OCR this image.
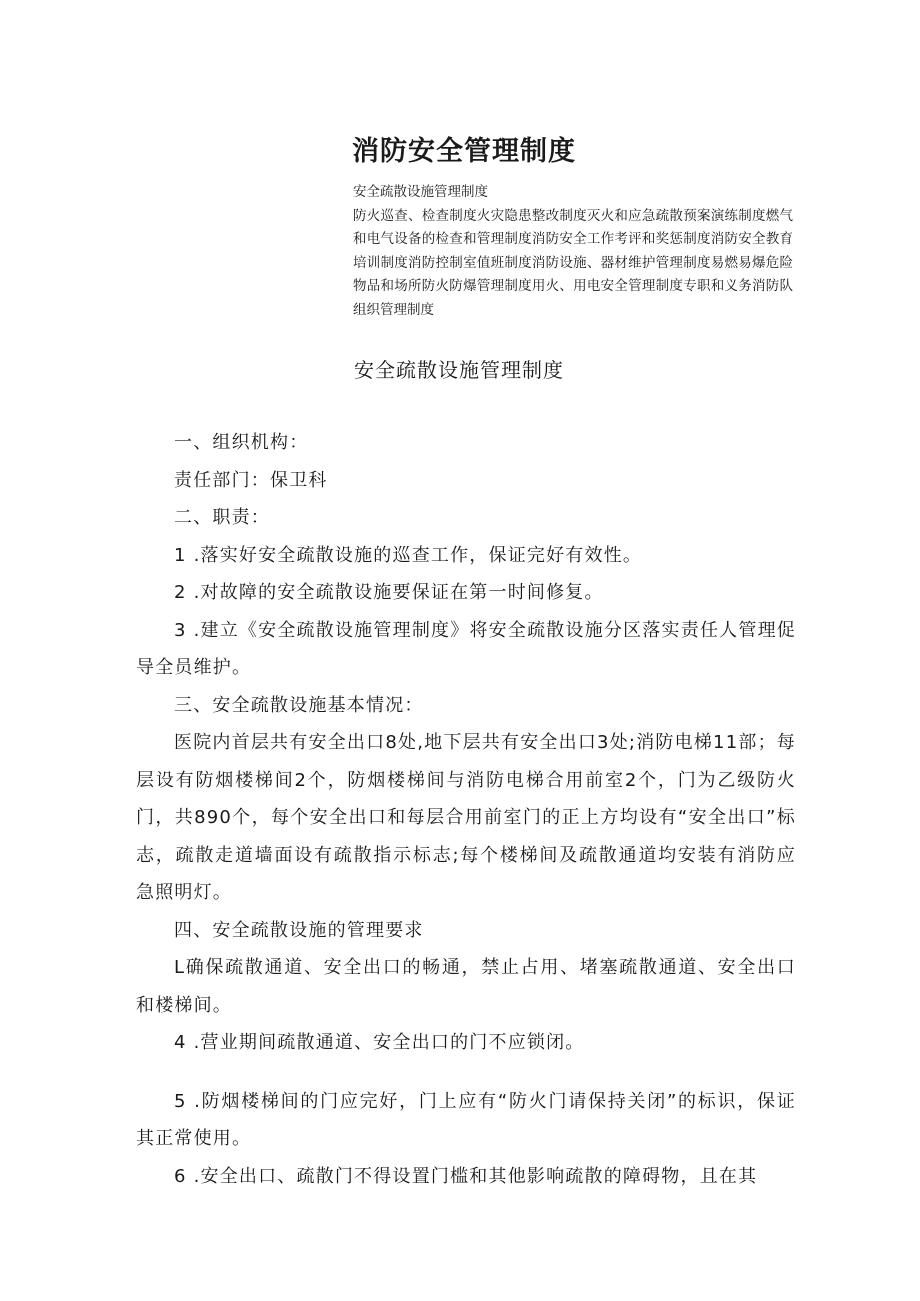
消防安全管理制度
安全疏散设施管理制度
防火巡查、检查制度火灾隐患整改制度灭火和应急疏散预案演练制度燃气和电气设备的检查和管理制度消防安全工作考评和奖惩制度消防安全教育培训制度消防控制室值班制度消防设施、器材维护管理制度易燃易爆危险物品和场所防火防爆管理制度用火、用电安全管理制度专职和义务消防队组织管理制度
安全疏散设施管理制度

一、组织机构：

责任部门：保卫科

二、职责：

1 .落实好安全疏散设施的巡查工作，保证完好有效性。

2 .对故障的安全疏散设施要保证在第一时间修复。

3 .建立《安全疏散设施管理制度》将安全疏散设施分区落实责任人管理促导全员维护。

三、安全疏散设施基本情况：

医院内首层共有安全出口8处,地下层共有安全出口3处;消防电梯11部；每层设有防烟楼梯间2个，防烟楼梯间与消防电梯合用前室2个，门为乙级防火门，共890个，每个安全出口和每层合用前室门的正上方均设有“安全出口”标志，疏散走道墙面设有疏散指示标志;每个楼梯间及疏散通道均安装有消防应急照明灯。

四、安全疏散设施的管理要求

L确保疏散通道、安全出口的畅通，禁止占用、堵塞疏散通道、安全出口和楼梯间。

4 .营业期间疏散通道、安全出口的门不应锁闭。

5 .防烟楼梯间的门应完好，门上应有“防火门请保持关闭”的标识，保证其正常使用。

6 .安全出口、疏散门不得设置门槛和其他影响疏散的障碍物，且在其
